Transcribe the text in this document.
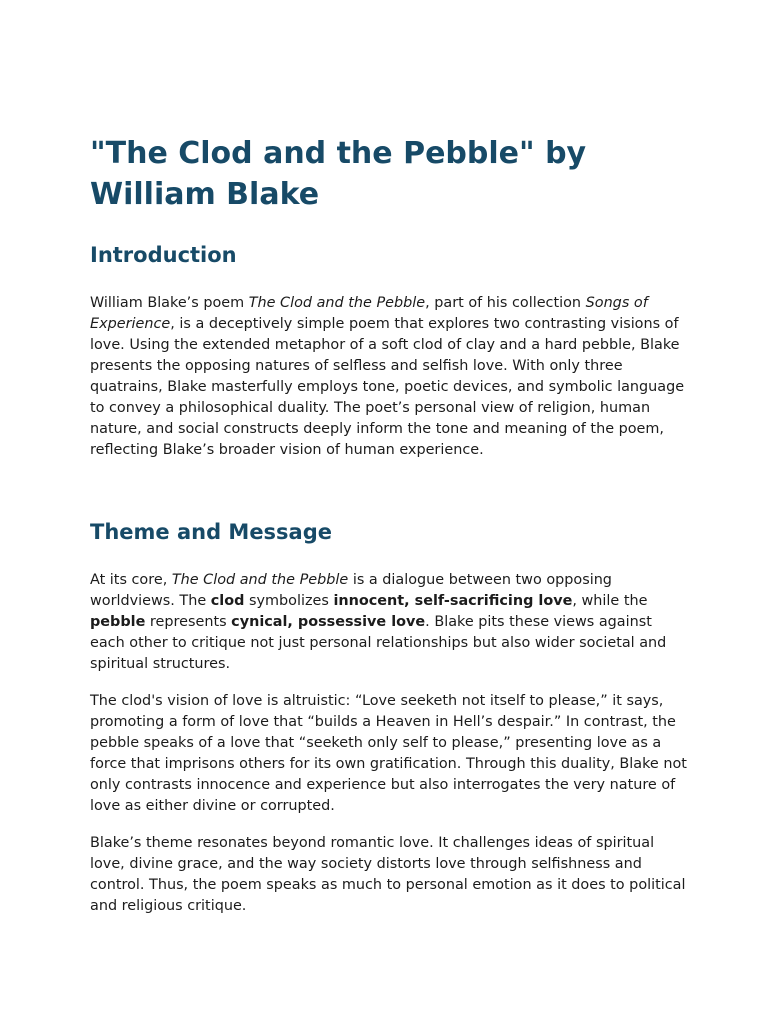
"The Clod and the Pebble" by William Blake
Introduction

William Blake’s poem The Clod and the Pebble, part of his collection Songs of Experience, is a deceptively simple poem that explores two contrasting visions of love. Using the extended metaphor of a soft clod of clay and a hard pebble, Blake presents the opposing natures of selfless and selfish love. With only three quatrains, Blake masterfully employs tone, poetic devices, and symbolic language to convey a philosophical duality. The poet’s personal view of religion, human nature, and social constructs deeply inform the tone and meaning of the poem, reflecting Blake’s broader vision of human experience.

Theme and Message

At its core, The Clod and the Pebble is a dialogue between two opposing worldviews. The clod symbolizes innocent, self-sacrificing love, while the pebble represents cynical, possessive love. Blake pits these views against each other to critique not just personal relationships but also wider societal and spiritual structures.

The clod's vision of love is altruistic: “Love seeketh not itself to please,” it says, promoting a form of love that “builds a Heaven in Hell’s despair.” In contrast, the pebble speaks of a love that “seeketh only self to please,” presenting love as a force that imprisons others for its own gratification. Through this duality, Blake not only contrasts innocence and experience but also interrogates the very nature of love as either divine or corrupted.

Blake’s theme resonates beyond romantic love. It challenges ideas of spiritual love, divine grace, and the way society distorts love through selfishness and control. Thus, the poem speaks as much to personal emotion as it does to political and religious critique.
